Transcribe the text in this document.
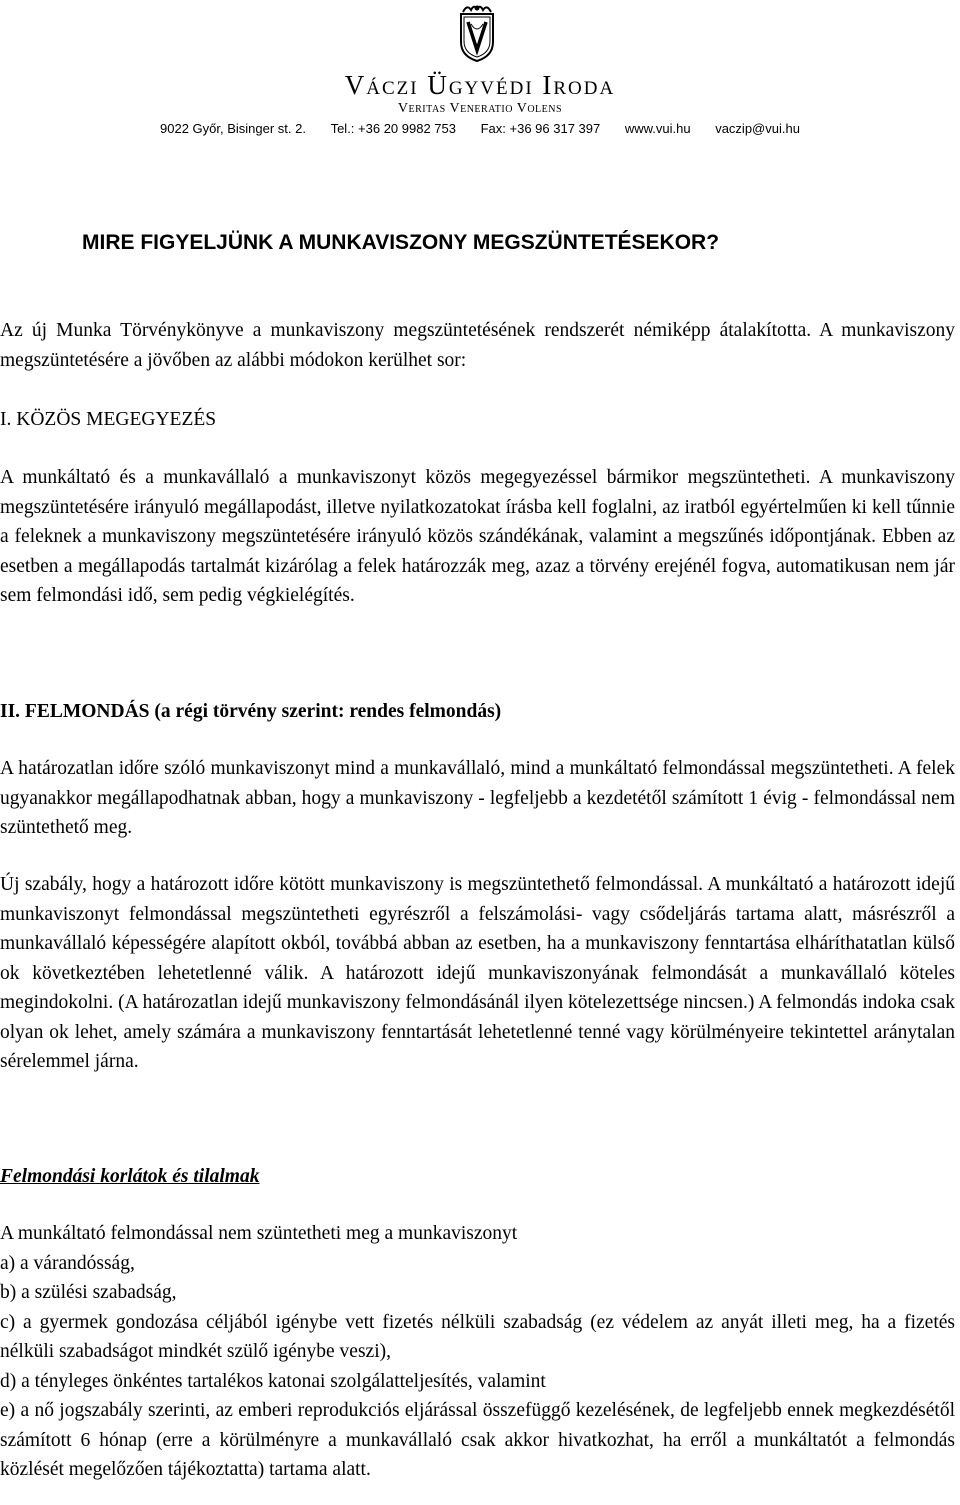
Váczi Ügyvédi Iroda
Veritas Veneratio Volens
9022 Győr, Bisinger st. 2. Tel.: +36 20 9982 753 Fax: +36 96 317 397 www.vui.hu vaczip@vui.hu
MIRE FIGYELJÜNK A MUNKAVISZONY MEGSZÜNTETÉSEKOR?

Az új Munka Törvénykönyve a munkaviszony megszüntetésének rendszerét némiképp átalakította. A munkaviszony megszüntetésére a jövőben az alábbi módokon kerülhet sor:

I. KÖZÖS MEGEGYEZÉS

A munkáltató és a munkavállaló a munkaviszonyt közös megegyezéssel bármikor megszüntetheti. A munkaviszony megszüntetésére irányuló megállapodást, illetve nyilatkozatokat írásba kell foglalni, az iratból egyértelműen ki kell tűnnie a feleknek a munkaviszony megszüntetésére irányuló közös szándékának, valamint a megszűnés időpontjának. Ebben az esetben a megállapodás tartalmát kizárólag a felek határozzák meg, azaz a törvény erejénél fogva, automatikusan nem jár sem felmondási idő, sem pedig végkielégítés.

II. FELMONDÁS (a régi törvény szerint: rendes felmondás)

A határozatlan időre szóló munkaviszonyt mind a munkavállaló, mind a munkáltató felmondással megszüntetheti. A felek ugyanakkor megállapodhatnak abban, hogy a munkaviszony - legfeljebb a kezdetétől számított 1 évig - felmondással nem szüntethető meg.

Új szabály, hogy a határozott időre kötött munkaviszony is megszüntethető felmondással. A munkáltató a határozott idejű munkaviszonyt felmondással megszüntetheti egyrészről a felszámolási- vagy csődeljárás tartama alatt, másrészről a munkavállaló képességére alapított okból, továbbá abban az esetben, ha a munkaviszony fenntartása elháríthatatlan külső ok következtében lehetetlenné válik. A határozott idejű munkaviszonyának felmondását a munkavállaló köteles megindokolni. (A határozatlan idejű munkaviszony felmondásánál ilyen kötelezettsége nincsen.) A felmondás indoka csak olyan ok lehet, amely számára a munkaviszony fenntartását lehetetlenné tenné vagy körülményeire tekintettel aránytalan sérelemmel járna.

Felmondási korlátok és tilalmak
A munkáltató felmondással nem szüntetheti meg a munkaviszonyt
a) a várandósság,
b) a szülési szabadság,
c) a gyermek gondozása céljából igénybe vett fizetés nélküli szabadság (ez védelem az anyát illeti meg, ha a fizetés nélküli szabadságot mindkét szülő igénybe veszi),
d) a tényleges önkéntes tartalékos katonai szolgálatteljesítés, valamint
e) a nő jogszabály szerinti, az emberi reprodukciós eljárással összefüggő kezelésének, de legfeljebb ennek megkezdésétől számított 6 hónap (erre a körülményre a munkavállaló csak akkor hivatkozhat, ha erről a munkáltatót a felmondás közlését megelőzően tájékoztatta) tartama alatt.
